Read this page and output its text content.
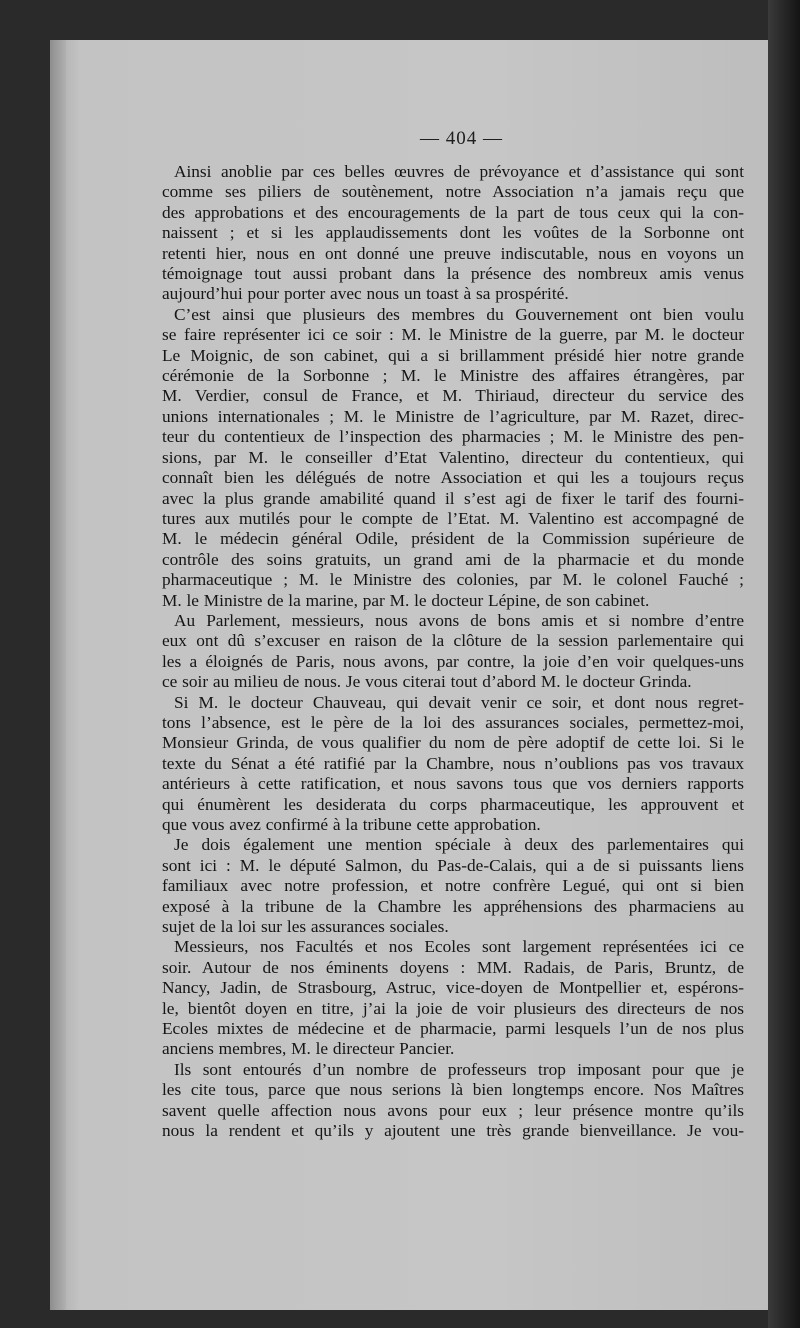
— 404 —

Ainsi anoblie par ces belles œuvres de prévoyance et d’assistance qui sont

comme ses piliers de soutènement, notre Association n’a jamais reçu que

des approbations et des encouragements de la part de tous ceux qui la con-

naissent ; et si les applaudissements dont les voûtes de la Sorbonne ont

retenti hier, nous en ont donné une preuve indiscutable, nous en voyons un

témoignage tout aussi probant dans la présence des nombreux amis venus

aujourd’hui pour porter avec nous un toast à sa prospérité.

C’est ainsi que plusieurs des membres du Gouvernement ont bien voulu

se faire représenter ici ce soir : M. le Ministre de la guerre, par M. le docteur

Le Moignic, de son cabinet, qui a si brillamment présidé hier notre grande

cérémonie de la Sorbonne ; M. le Ministre des affaires étrangères, par

M. Verdier, consul de France, et M. Thiriaud, directeur du service des

unions internationales ; M. le Ministre de l’agriculture, par M. Razet, direc-

teur du contentieux de l’inspection des pharmacies ; M. le Ministre des pen-

sions, par M. le conseiller d’Etat Valentino, directeur du contentieux, qui

connaît bien les délégués de notre Association et qui les a toujours reçus

avec la plus grande amabilité quand il s’est agi de fixer le tarif des fourni-

tures aux mutilés pour le compte de l’Etat. M. Valentino est accompagné de

M. le médecin général Odile, président de la Commission supérieure de

contrôle des soins gratuits, un grand ami de la pharmacie et du monde

pharmaceutique ; M. le Ministre des colonies, par M. le colonel Fauché ;

M. le Ministre de la marine, par M. le docteur Lépine, de son cabinet.

Au Parlement, messieurs, nous avons de bons amis et si nombre d’entre

eux ont dû s’excuser en raison de la clôture de la session parlementaire qui

les a éloignés de Paris, nous avons, par contre, la joie d’en voir quelques-uns

ce soir au milieu de nous. Je vous citerai tout d’abord M. le docteur Grinda.

Si M. le docteur Chauveau, qui devait venir ce soir, et dont nous regret-

tons l’absence, est le père de la loi des assurances sociales, permettez-moi,

Monsieur Grinda, de vous qualifier du nom de père adoptif de cette loi. Si le

texte du Sénat a été ratifié par la Chambre, nous n’oublions pas vos travaux

antérieurs à cette ratification, et nous savons tous que vos derniers rapports

qui énumèrent les desiderata du corps pharmaceutique, les approuvent et

que vous avez confirmé à la tribune cette approbation.

Je dois également une mention spéciale à deux des parlementaires qui

sont ici : M. le député Salmon, du Pas-de-Calais, qui a de si puissants liens

familiaux avec notre profession, et notre confrère Legué, qui ont si bien

exposé à la tribune de la Chambre les appréhensions des pharmaciens au

sujet de la loi sur les assurances sociales.

Messieurs, nos Facultés et nos Ecoles sont largement représentées ici ce

soir. Autour de nos éminents doyens : MM. Radais, de Paris, Bruntz, de

Nancy, Jadin, de Strasbourg, Astruc, vice-doyen de Montpellier et, espérons-

le, bientôt doyen en titre, j’ai la joie de voir plusieurs des directeurs de nos

Ecoles mixtes de médecine et de pharmacie, parmi lesquels l’un de nos plus

anciens membres, M. le directeur Pancier.

Ils sont entourés d’un nombre de professeurs trop imposant pour que je

les cite tous, parce que nous serions là bien longtemps encore. Nos Maîtres

savent quelle affection nous avons pour eux ; leur présence montre qu’ils

nous la rendent et qu’ils y ajoutent une très grande bienveillance. Je vou-
